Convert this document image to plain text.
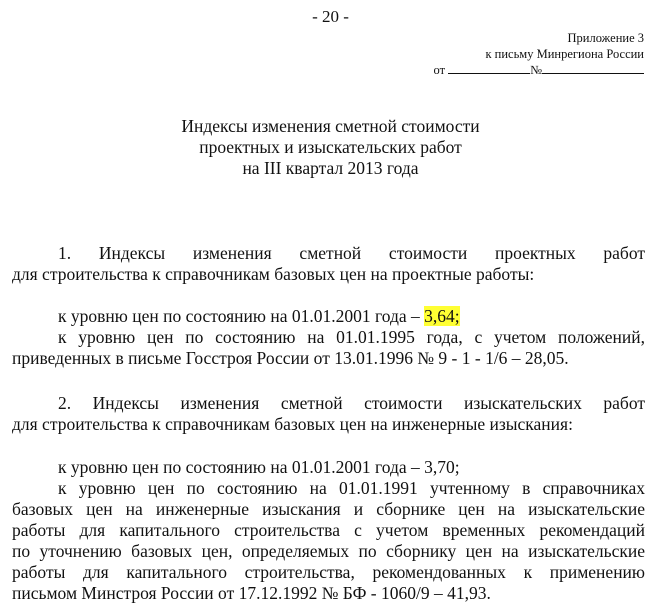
- 20 -
Приложение 3
к письму Минрегиона России
от	№
Индексы изменения сметной стоимости
проектных и изыскательских работ
на III квартал 2013 года
1. Индексы изменения сметной стоимости проектных работ
для строительства к справочникам базовых цен на проектные работы:
к уровню цен по состоянию на 01.01.2001 года – 3,64;
к уровню цен по состоянию на 01.01.1995 года, с учетом положений,
приведенных в письме Госстроя России от 13.01.1996 № 9 - 1 - 1/6 – 28,05.
2. Индексы изменения сметной стоимости изыскательских работ
для строительства к справочникам базовых цен на инженерные изыскания:
к уровню цен по состоянию на 01.01.2001 года – 3,70;
к уровню цен по состоянию на 01.01.1991 учтенному в справочниках
базовых цен на инженерные изыскания и сборнике цен на изыскательские
работы для капитального строительства с учетом временных рекомендаций
по уточнению базовых цен, определяемых по сборнику цен на изыскательские
работы для капитального строительства, рекомендованных к применению
письмом Минстроя России от 17.12.1992 № БФ - 1060/9 – 41,93.
